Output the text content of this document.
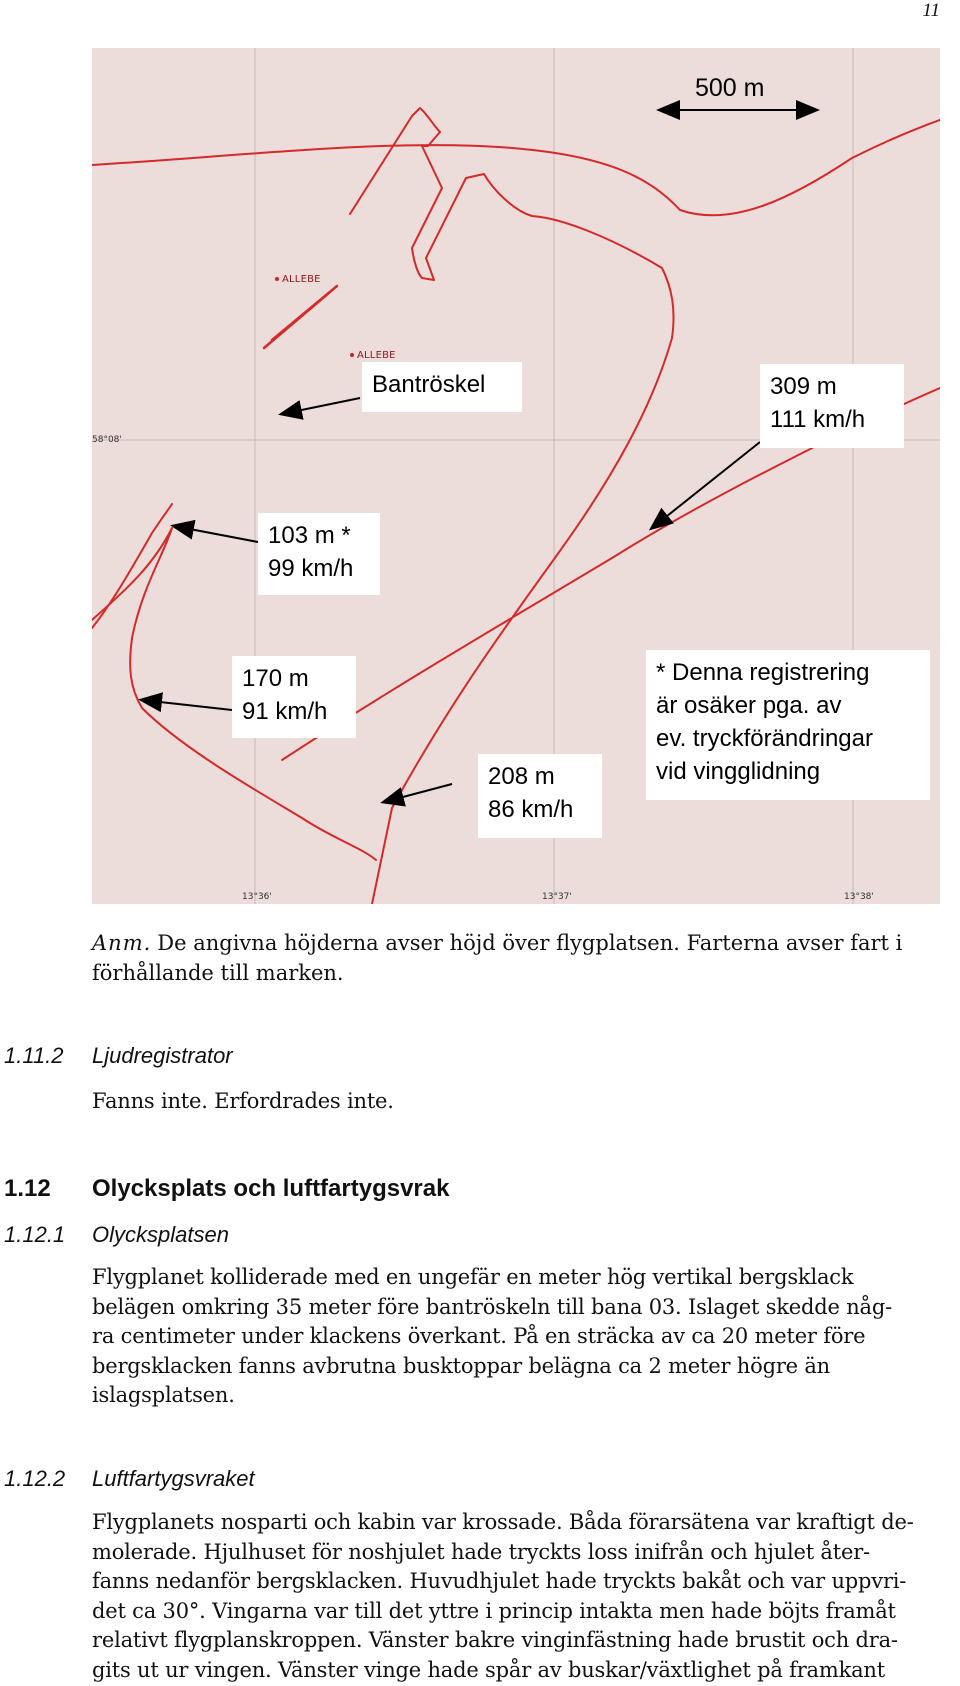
11
500 m
58°08'
13°36'	13°37'	13°38'
ALLEBE
ALLEBE
Bantröskel	309 m
111 km/h
103 m *
99 km/h
170 m
91 km/h
208 m
86 km/h
* Denna registrering
är osäker pga. av
ev. tryckförändringar
vid vingglidning
Anm. De angivna höjderna avser höjd över flygplatsen. Farterna avser fart i förhållande till marken.
1.11.2 Ljudregistrator
Fanns inte. Erfordrades inte.
1.12 Olycksplats och luftfartygsvrak
1.12.1 Olycksplatsen
Flygplanet kolliderade med en ungefär en meter hög vertikal bergsklack
belägen omkring 35 meter före bantröskeln till bana 03. Islaget skedde någ-
ra centimeter under klackens överkant. På en sträcka av ca 20 meter före
bergsklacken fanns avbrutna busktoppar belägna ca 2 meter högre än
islagsplatsen.
1.12.2 Luftfartygsvraket
Flygplanets nosparti och kabin var krossade. Båda förarsätena var kraftigt de-
molerade. Hjulhuset för noshjulet hade tryckts loss inifrån och hjulet åter-
fanns nedanför bergsklacken. Huvudhjulet hade tryckts bakåt och var uppvri-
det ca 30°. Vingarna var till det yttre i princip intakta men hade böjts framåt
relativt flygplanskroppen. Vänster bakre vinginfästning hade brustit och dra-
gits ut ur vingen. Vänster vinge hade spår av buskar/växtlighet på framkant
